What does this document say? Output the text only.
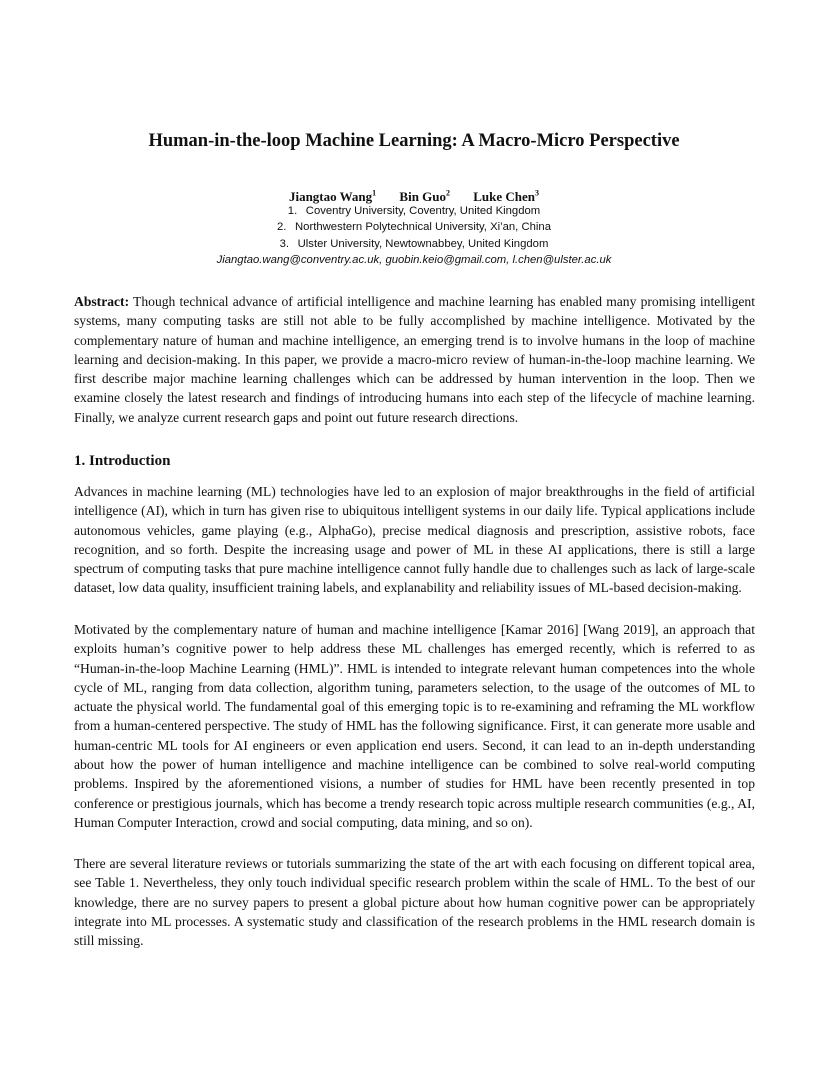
Human-in-the-loop Machine Learning: A Macro-Micro Perspective
Jiangtao Wang$^1$ Bin Guo$^2$ Luke Chen$^3$
1. Coventry University, Coventry, United Kingdom
2. Northwestern Polytechnical University, Xi’an, China
3. Ulster University, Newtownabbey, United Kingdom
Jiangtao.wang@conventry.ac.uk, guobin.keio@gmail.com, l.chen@ulster.ac.uk
Abstract: Though technical advance of artificial intelligence and machine learning has enabled many promising intelligent systems, many computing tasks are still not able to be fully accomplished by machine intelligence. Motivated by the complementary nature of human and machine intelligence, an emerging trend is to involve humans in the loop of machine learning and decision-making. In this paper, we provide a macro-micro review of human-in-the-loop machine learning. We first describe major machine learning challenges which can be addressed by human intervention in the loop. Then we examine closely the latest research and findings of introducing humans into each step of the lifecycle of machine learning. Finally, we analyze current research gaps and point out future research directions.
1. Introduction
Advances in machine learning (ML) technologies have led to an explosion of major breakthroughs in the field of artificial intelligence (AI), which in turn has given rise to ubiquitous intelligent systems in our daily life. Typical applications include autonomous vehicles, game playing (e.g., AlphaGo), precise medical diagnosis and prescription, assistive robots, face recognition, and so forth. Despite the increasing usage and power of ML in these AI applications, there is still a large spectrum of computing tasks that pure machine intelligence cannot fully handle due to challenges such as lack of large-scale dataset, low data quality, insufficient training labels, and explanability and reliability issues of ML-based decision-making.
Motivated by the complementary nature of human and machine intelligence [Kamar 2016] [Wang 2019], an approach that exploits human’s cognitive power to help address these ML challenges has emerged recently, which is referred to as “Human-in-the-loop Machine Learning (HML)”. HML is intended to integrate relevant human competences into the whole cycle of ML, ranging from data collection, algorithm tuning, parameters selection, to the usage of the outcomes of ML to actuate the physical world. The fundamental goal of this emerging topic is to re-examining and reframing the ML workflow from a human-centered perspective. The study of HML has the following significance. First, it can generate more usable and human-centric ML tools for AI engineers or even application end users. Second, it can lead to an in-depth understanding about how the power of human intelligence and machine intelligence can be combined to solve real-world computing problems. Inspired by the aforementioned visions, a number of studies for HML have been recently presented in top conference or prestigious journals, which has become a trendy research topic across multiple research communities (e.g., AI, Human Computer Interaction, crowd and social computing, data mining, and so on).
There are several literature reviews or tutorials summarizing the state of the art with each focusing on different topical area, see Table 1. Nevertheless, they only touch individual specific research problem within the scale of HML. To the best of our knowledge, there are no survey papers to present a global picture about how human cognitive power can be appropriately integrate into ML processes. A systematic study and classification of the research problems in the HML research domain is still missing.
